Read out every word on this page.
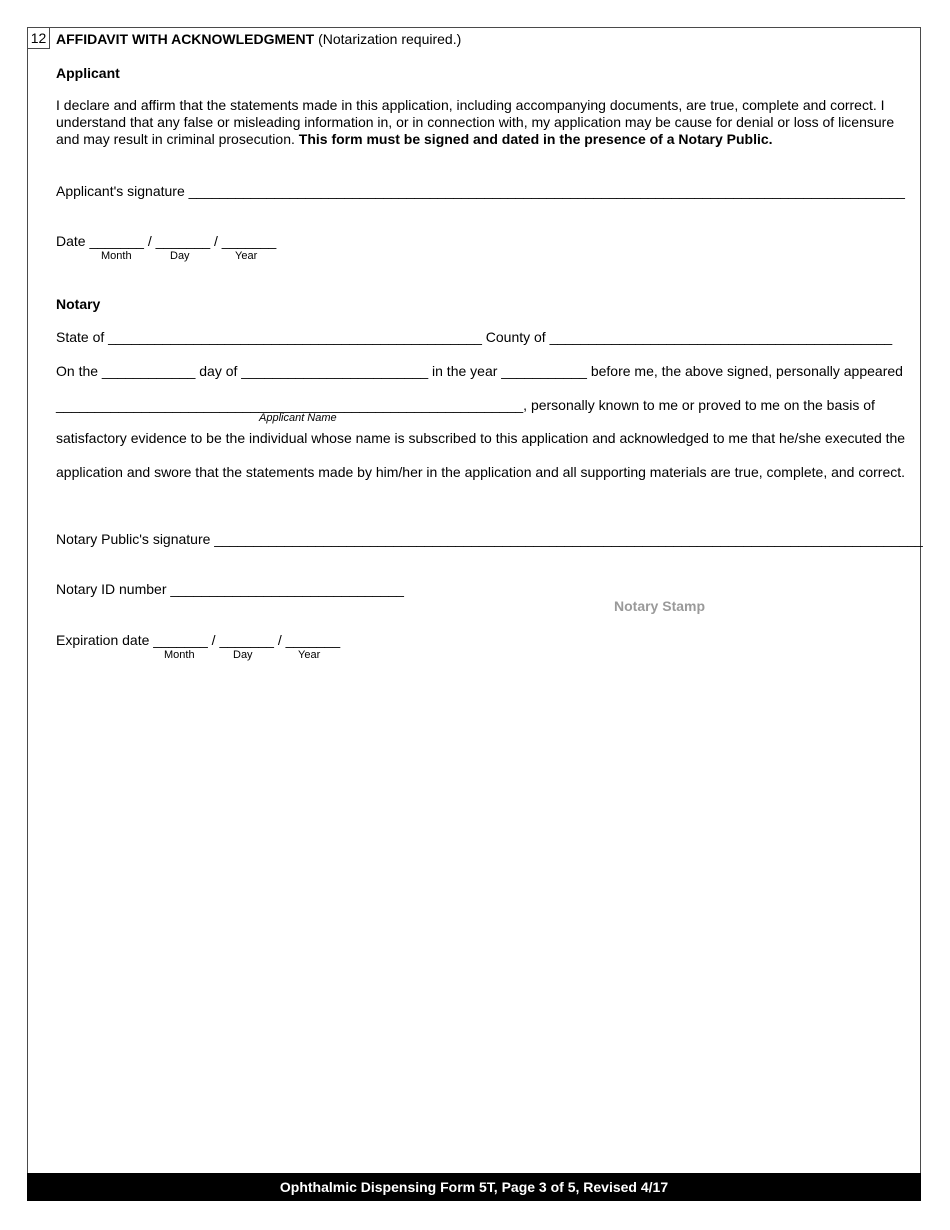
12 AFFIDAVIT WITH ACKNOWLEDGMENT (Notarization required.)
Applicant
I declare and affirm that the statements made in this application, including accompanying documents, are true, complete and correct. I understand that any false or misleading information in, or in connection with, my application may be cause for denial or loss of licensure and may result in criminal prosecution. This form must be signed and dated in the presence of a Notary Public.
Applicant's signature ____________________________________________________________________________________________
Date _______ / _______ / _______
Month	Day	Year
Notary
State of ________________________________________________ County of ____________________________________________
On the ____________ day of ________________________ in the year ___________ before me, the above signed, personally appeared
____________________________________________________________, personally known to me or proved to me on the basis of
Applicant Name
satisfactory evidence to be the individual whose name is subscribed to this application and acknowledged to me that he/she executed the
application and swore that the statements made by him/her in the application and all supporting materials are true, complete, and correct.
Notary Public's signature ___________________________________________________________________________________________
Notary ID number ______________________________
Notary Stamp
Expiration date _______ / _______ / _______
Month	Day	Year
Ophthalmic Dispensing Form 5T, Page 3 of 5, Revised 4/17
